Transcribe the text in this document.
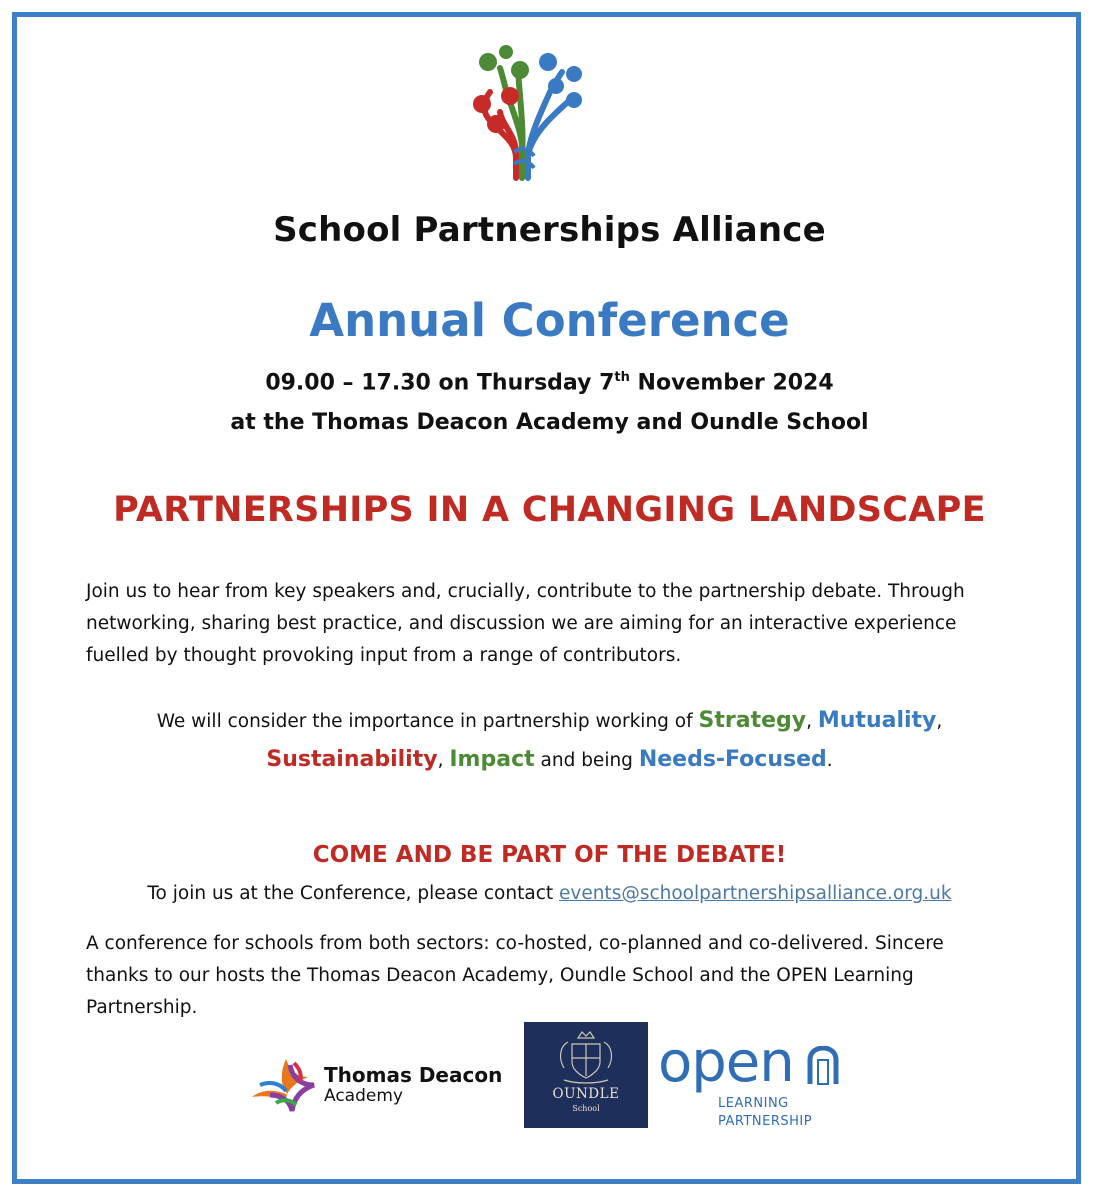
School Partnerships Alliance
Annual Conference
09.00 – 17.30 on Thursday 7th November 2024
at the Thomas Deacon Academy and Oundle School
PARTNERSHIPS IN A CHANGING LANDSCAPE
Join us to hear from key speakers and, crucially, contribute to the partnership debate. Through networking, sharing best practice, and discussion we are aiming for an interactive experience fuelled by thought provoking input from a range of contributors.
We will consider the importance in partnership working of Strategy, Mutuality,
Sustainability, Impact and being Needs-Focused.
COME AND BE PART OF THE DEBATE!
To join us at the Conference, please contact events@schoolpartnershipsalliance.org.uk
A conference for schools from both sectors: co-hosted, co-planned and co-delivered. Sincere thanks to our hosts the Thomas Deacon Academy, Oundle School and the OPEN Learning Partnership.
Thomas Deacon
Academy	OUNDLE
School
open
LEARNING
PARTNERSHIP
